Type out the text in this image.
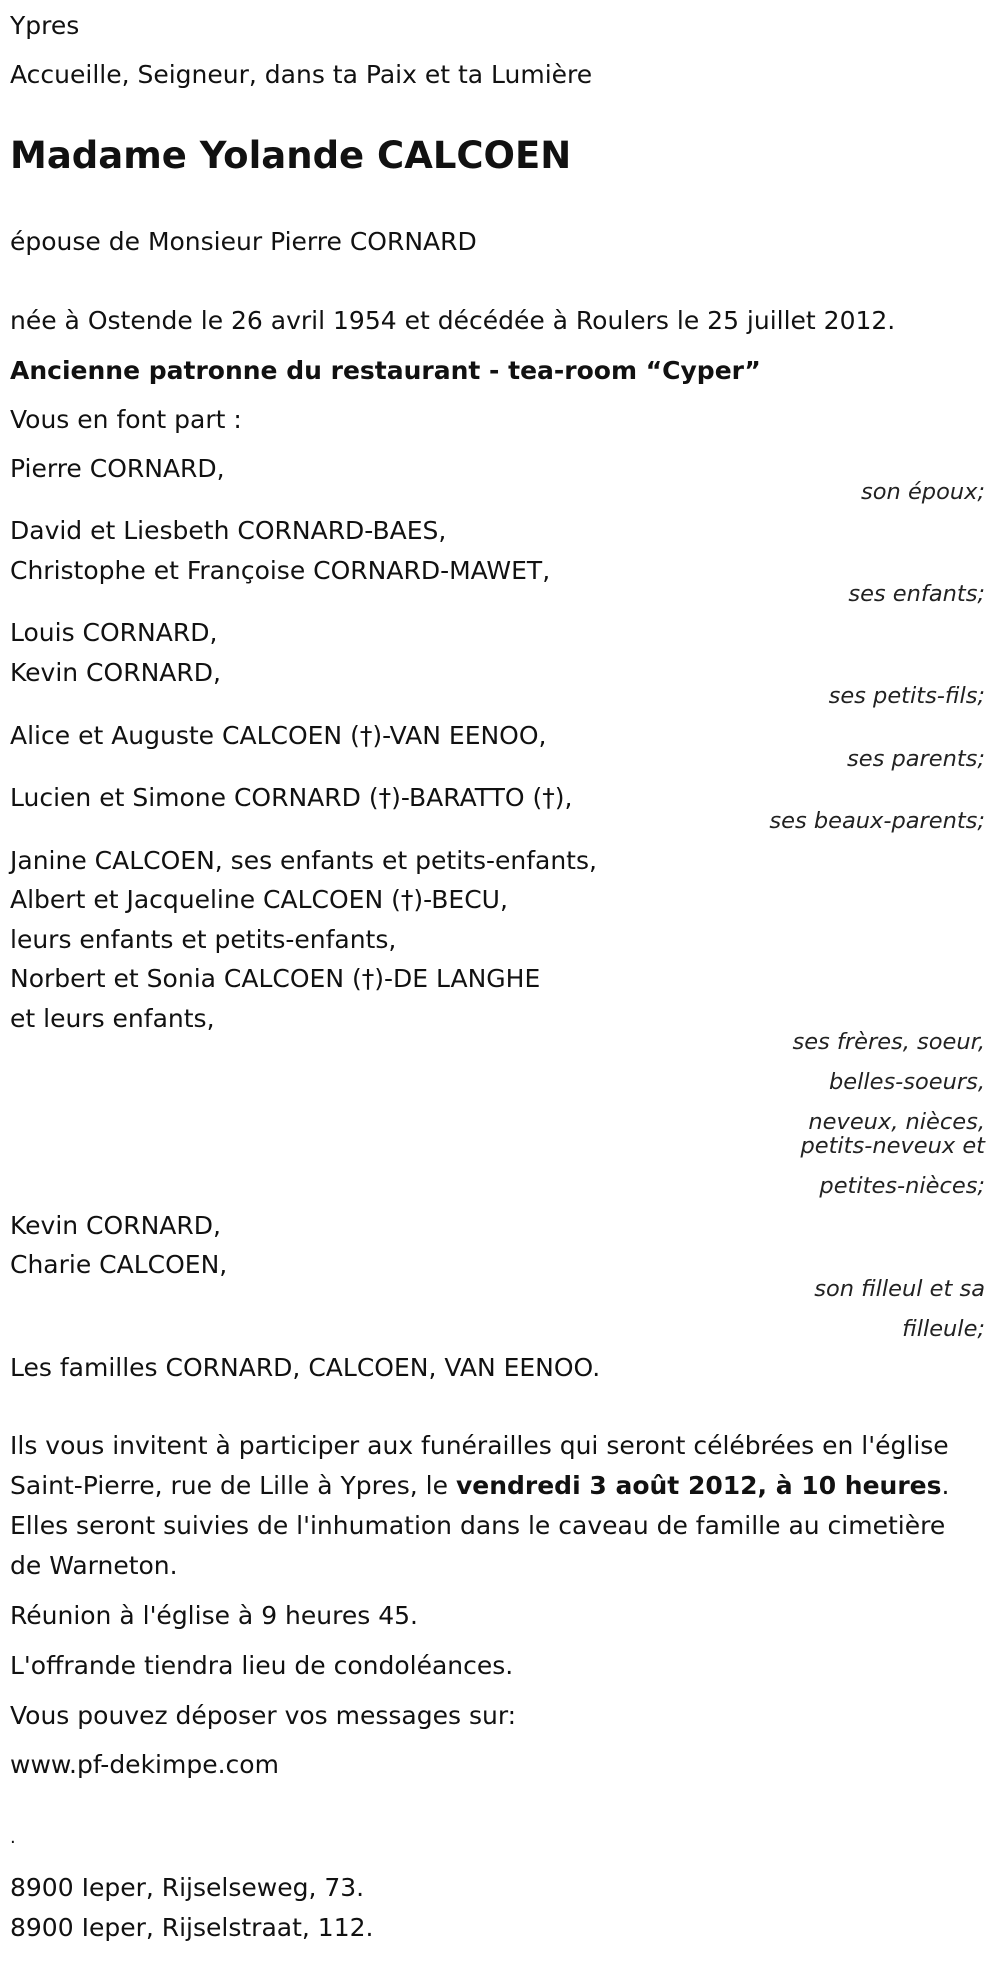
Ypres
Accueille, Seigneur, dans ta Paix et ta Lumière
Madame Yolande CALCOEN
épouse de Monsieur Pierre CORNARD
née à Ostende le 26 avril 1954 et décédée à Roulers le 25 juillet 2012.
Ancienne patronne du restaurant - tea-room “Cyper”
Vous en font part :
Pierre CORNARD,
son époux;
David et Liesbeth CORNARD-BAES,
Christophe et Françoise CORNARD-MAWET,
ses enfants;
Louis CORNARD,
Kevin CORNARD,
ses petits-fils;
Alice et Auguste CALCOEN (†)-VAN EENOO,
ses parents;
Lucien et Simone CORNARD (†)-BARATTO (†),
ses beaux-parents;
Janine CALCOEN, ses enfants et petits-enfants,
Albert et Jacqueline CALCOEN (†)-BECU,
leurs enfants et petits-enfants,
Norbert et Sonia CALCOEN (†)-DE LANGHE
et leurs enfants,
ses frères, soeur,
belles-soeurs,
neveux, nièces,
petits-neveux et
petites-nièces;
Kevin CORNARD,
Charie CALCOEN,
son filleul et sa
filleule;
Les familles CORNARD, CALCOEN, VAN EENOO.
Ils vous invitent à participer aux funérailles qui seront célébrées en l'église Saint-Pierre, rue de Lille à Ypres, le vendredi 3 août 2012, à 10 heures. Elles seront suivies de l'inhumation dans le caveau de famille au cimetière de Warneton.
Réunion à l'église à 9 heures 45.
L'offrande tiendra lieu de condoléances.
Vous pouvez déposer vos messages sur:
www.pf-dekimpe.com
.
8900 Ieper, Rijselseweg, 73.
8900 Ieper, Rijselstraat, 112.
